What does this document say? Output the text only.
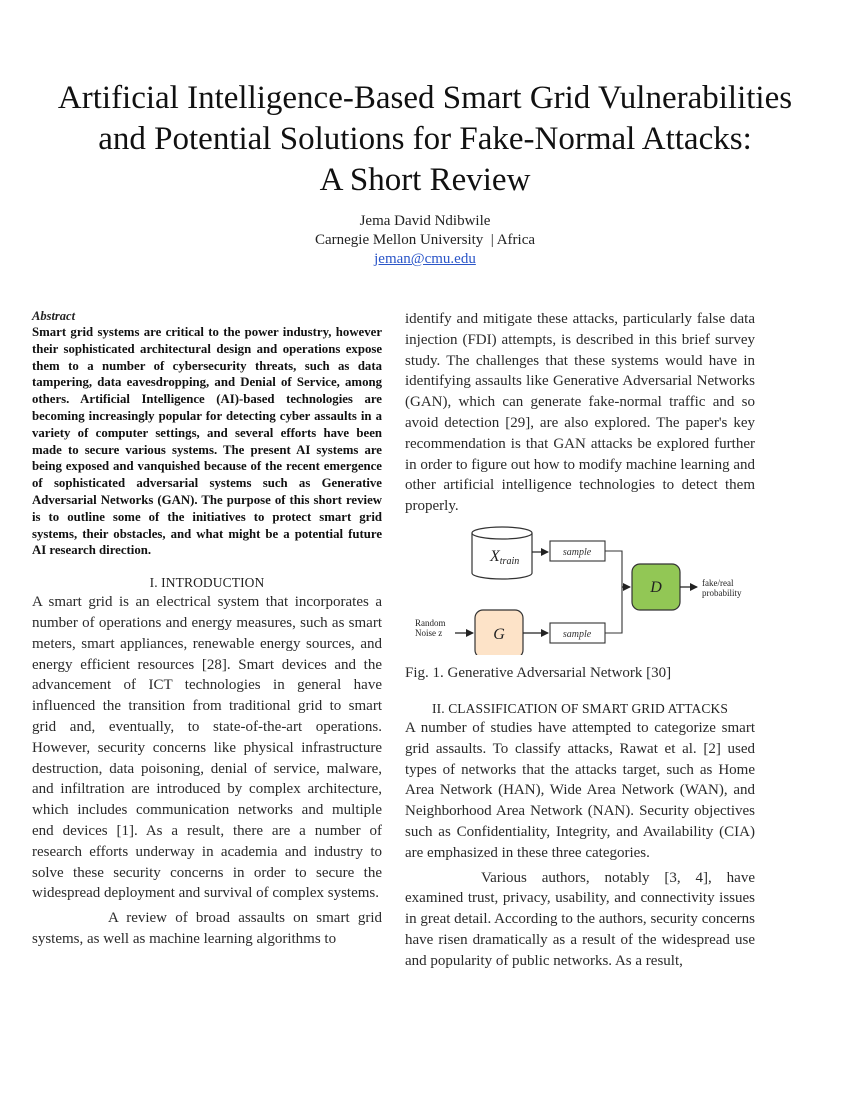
Artificial Intelligence-Based Smart Grid Vulnerabilities
and Potential Solutions for Fake-Normal Attacks:
A Short Review
Jema David Ndibwile
Carnegie Mellon University  | Africa
jeman@cmu.edu
Abstract

Smart grid systems are critical to the power industry, however their sophisticated architectural design and operations expose them to a number of cybersecurity threats, such as data tampering, data eavesdropping, and Denial of Service, among others. Artificial Intelligence (AI)-based technologies are becoming increasingly popular for detecting cyber assaults in a variety of computer settings, and several efforts have been made to secure various systems. The present AI systems are being exposed and vanquished because of the recent emergence of sophisticated adversarial systems such as Generative Adversarial Networks (GAN). The purpose of this short review is to outline some of the initiatives to protect smart grid systems, their obstacles, and what might be a potential future AI research direction.

I. INTRODUCTION

A smart grid is an electrical system that incorporates a number of operations and energy measures, such as smart meters, smart appliances, renewable energy sources, and energy efficient resources [28]. Smart devices and the advancement of ICT technologies in general have influenced the transition from traditional grid to smart grid and, eventually, to state-of-the-art operations. However, security concerns like physical infrastructure destruction, data poisoning, denial of service, malware, and infiltration are introduced by complex architecture, which includes communication networks and multiple end devices [1]. As a result, there are a number of research efforts underway in academia and industry to solve these security concerns in order to secure the widespread deployment and survival of complex systems.

A review of broad assaults on smart grid systems, as well as machine learning algorithms to

identify and mitigate these attacks, particularly false data injection (FDI) attempts, is described in this brief survey study. The challenges that these systems would have in identifying assaults like Generative Adversarial Networks (GAN), which can generate fake-normal traffic and so avoid detection [29], are also explored. The paper's key recommendation is that GAN attacks be explored further in order to figure out how to modify machine learning and other artificial intelligence technologies to detect them properly.

Xtrain
sample
Random
Noise z	G	sample
D	fake/real
probability

Fig. 1. Generative Adversarial Network [30]

II. CLASSIFICATION OF SMART GRID ATTACKS

A number of studies have attempted to categorize smart grid assaults. To classify attacks, Rawat et al. [2] used types of networks that the attacks target, such as Home Area Network (HAN), Wide Area Network (WAN), and Neighborhood Area Network (NAN). Security objectives such as Confidentiality, Integrity, and Availability (CIA) are emphasized in these three categories.

Various authors, notably [3, 4], have examined trust, privacy, usability, and connectivity issues in great detail. According to the authors, security concerns have risen dramatically as a result of the widespread use and popularity of public networks. As a result,
